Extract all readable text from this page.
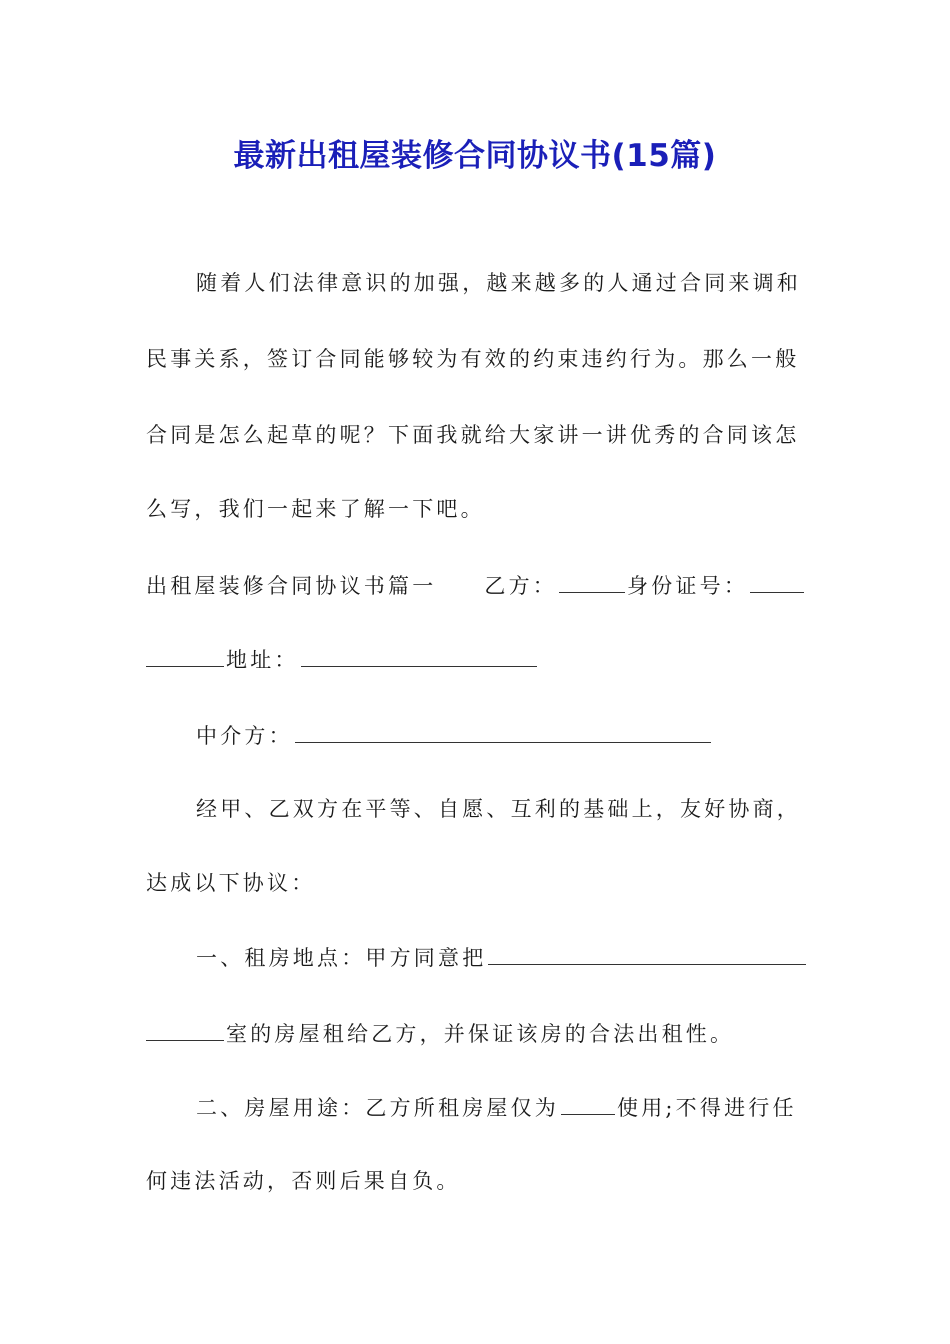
最新出租屋装修合同协议书(15篇)
随着人们法律意识的加强，越来越多的人通过合同来调和
民事关系，签订合同能够较为有效的约束违约行为。那么一般
合同是怎么起草的呢？下面我就给大家讲一讲优秀的合同该怎
么写，我们一起来了解一下吧。
出租屋装修合同协议书篇一 乙方：	身份证号：
地址：
中介方：
经甲、乙双方在平等、自愿、互利的基础上，友好协商，
达成以下协议：
一、租房地点：甲方同意把
室的房屋租给乙方，并保证该房的合法出租性。
二、房屋用途：乙方所租房屋仅为	使用;不得进行任
何违法活动，否则后果自负。
